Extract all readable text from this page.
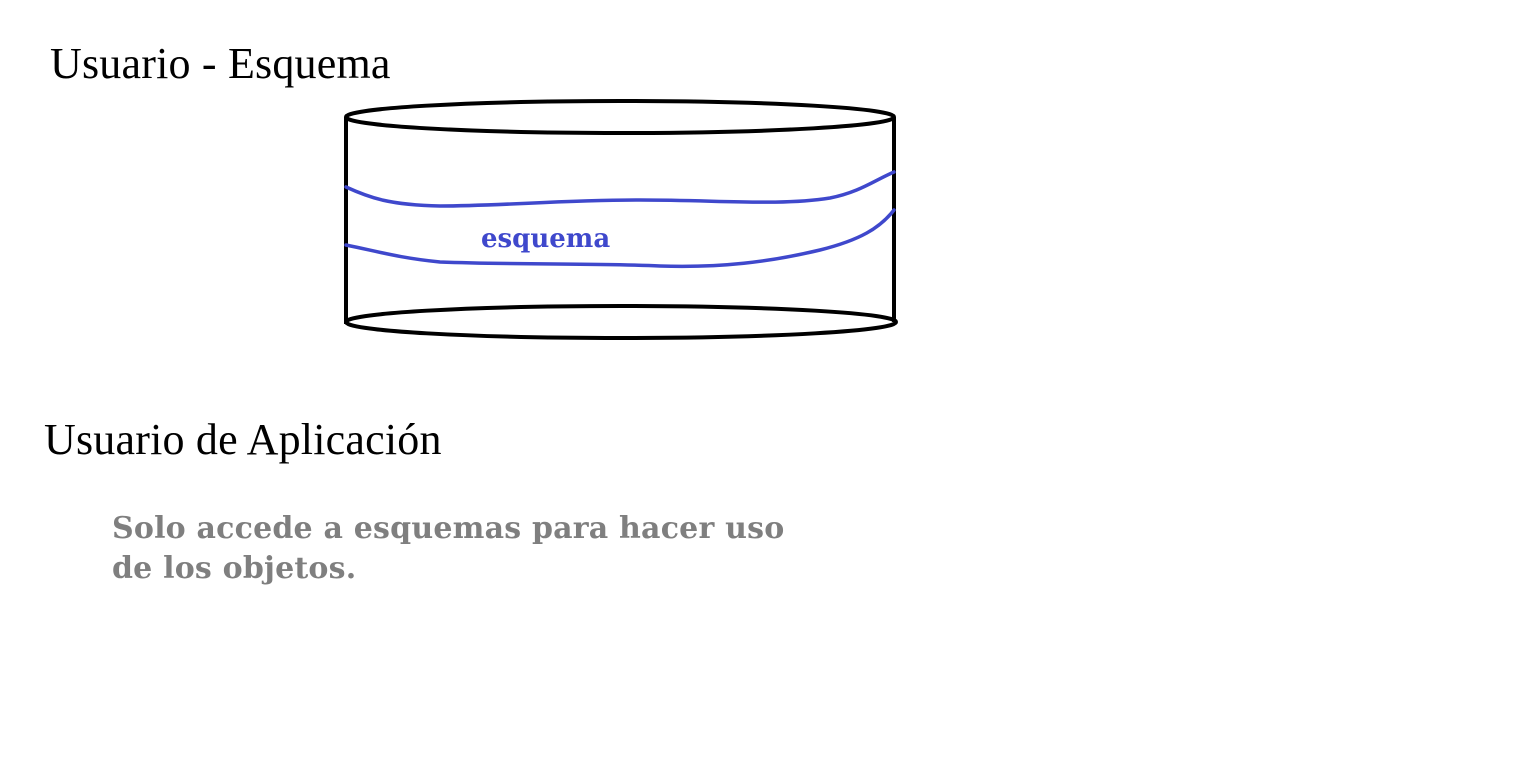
Usuario - Esquema
esquema
Usuario de Aplicación
Solo accede a esquemas para hacer uso de los objetos.
